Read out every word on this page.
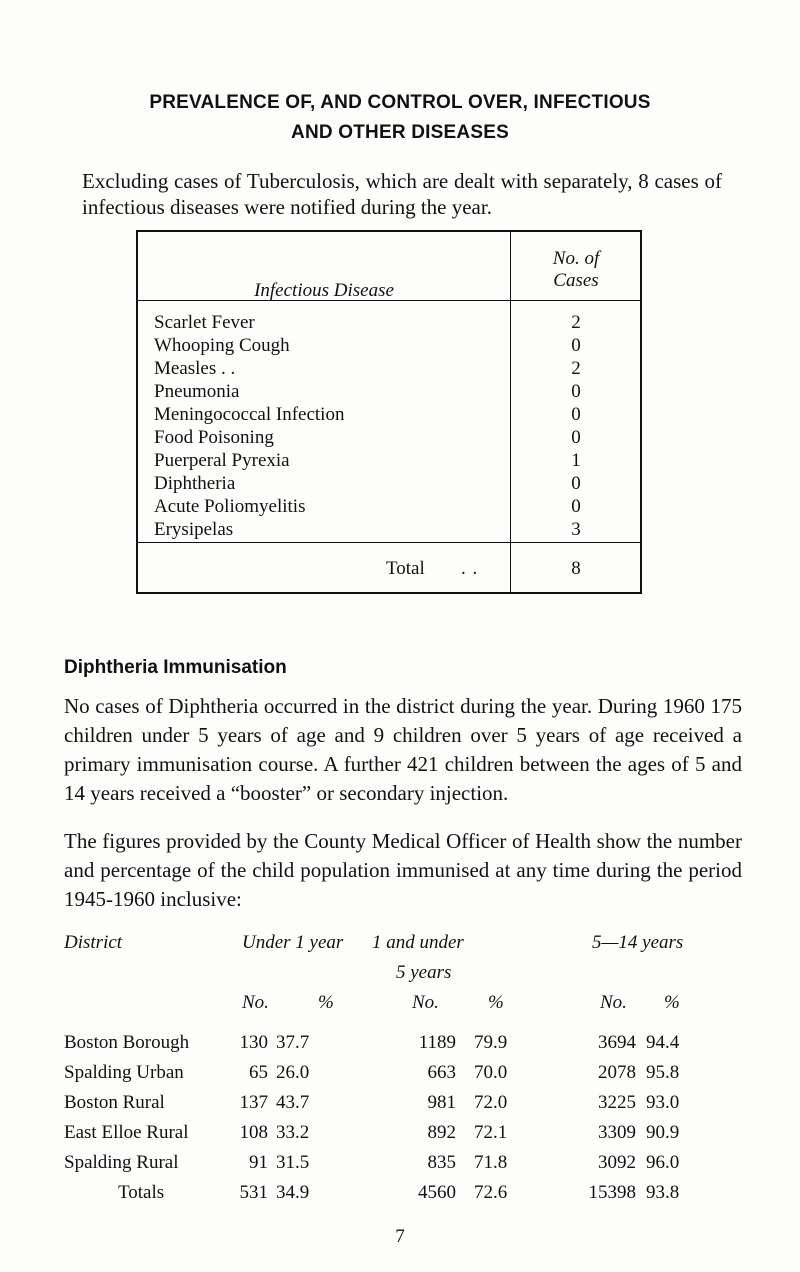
PREVALENCE OF, AND CONTROL OVER, INFECTIOUS
AND OTHER DISEASES
Excluding cases of Tuberculosis, which are dealt with separately, 8 cases of infectious diseases were notified during the year.
Infectious Disease
No. of
Cases
Scarlet Fever	2
Whooping Cough	0
Measles . .	2
Pneumonia	0
Meningococcal Infection	0
Food Poisoning	0
Puerperal Pyrexia	1
Diphtheria	0
Acute Poliomyelitis	0
Erysipelas	3
Total . .	8
Diphtheria Immunisation
No cases of Diphtheria occurred in the district during the year. During 1960 175 children under 5 years of age and 9 children over 5 years of age received a primary immunisation course. A further 421 children between the ages of 5 and 14 years received a “booster” or secondary injection.
The figures provided by the County Medical Officer of Health show the number and percentage of the child population immunised at any time during the period 1945-1960 inclusive:
District	Under 1 year 1 and under
5 years
5—14 years
No.	%	No.	%	No. %
Boston Borough	130 37.7	1189 79.9	3694 94.4
Spalding Urban	65 26.0	663 70.0	2078 95.8
Boston Rural	137 43.7	981 72.0	3225 93.0
East Elloe Rural	108 33.2	892 72.1	3309 90.9
Spalding Rural	91 31.5	835 71.8	3092 96.0
Totals	531 34.9	4560 72.6	15398 93.8
7
